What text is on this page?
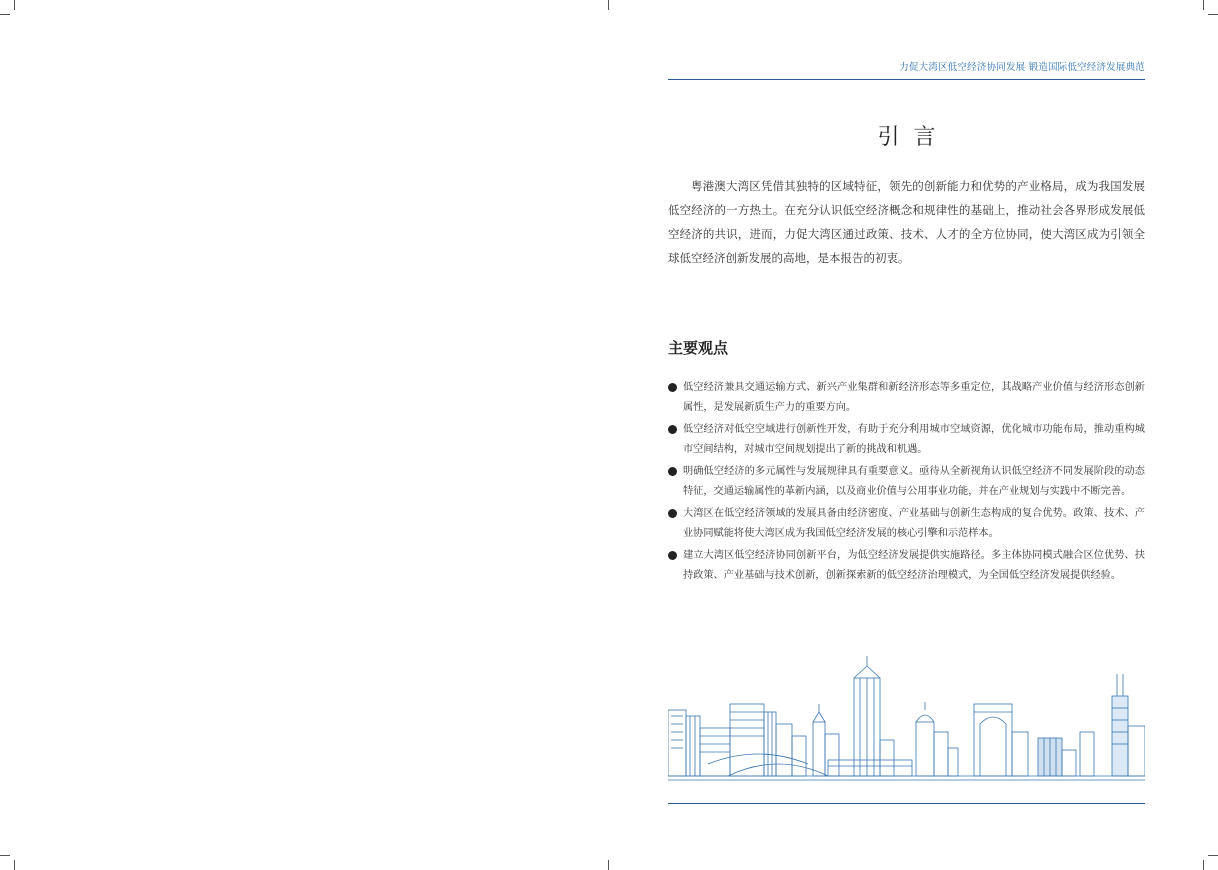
力促大湾区低空经济协同发展 锻造国际低空经济发展典范
引言

粤港澳大湾区凭借其独特的区域特征，领先的创新能力和优势的产业格局，成为我国发展低空经济的一方热土。在充分认识低空经济概念和规律性的基础上，推动社会各界形成发展低空经济的共识，进而，力促大湾区通过政策、技术、人才的全方位协同，使大湾区成为引领全球低空经济创新发展的高地，是本报告的初衷。

主要观点
低空经济兼具交通运输方式、新兴产业集群和新经济形态等多重定位，其战略产业价值与经济形态创新属性，是发展新质生产力的重要方向。
低空经济对低空空域进行创新性开发，有助于充分利用城市空域资源，优化城市功能布局，推动重构城市空间结构，对城市空间规划提出了新的挑战和机遇。
明确低空经济的多元属性与发展规律具有重要意义。亟待从全新视角认识低空经济不同发展阶段的动态特征，交通运输属性的革新内涵，以及商业价值与公用事业功能，并在产业规划与实践中不断完善。
大湾区在低空经济领域的发展具备由经济密度、产业基础与创新生态构成的复合优势。政策、技术、产业协同赋能将使大湾区成为我国低空经济发展的核心引擎和示范样本。
建立大湾区低空经济协同创新平台，为低空经济发展提供实施路径。多主体协同模式融合区位优势、扶持政策、产业基础与技术创新，创新探索新的低空经济治理模式，为全国低空经济发展提供经验。
